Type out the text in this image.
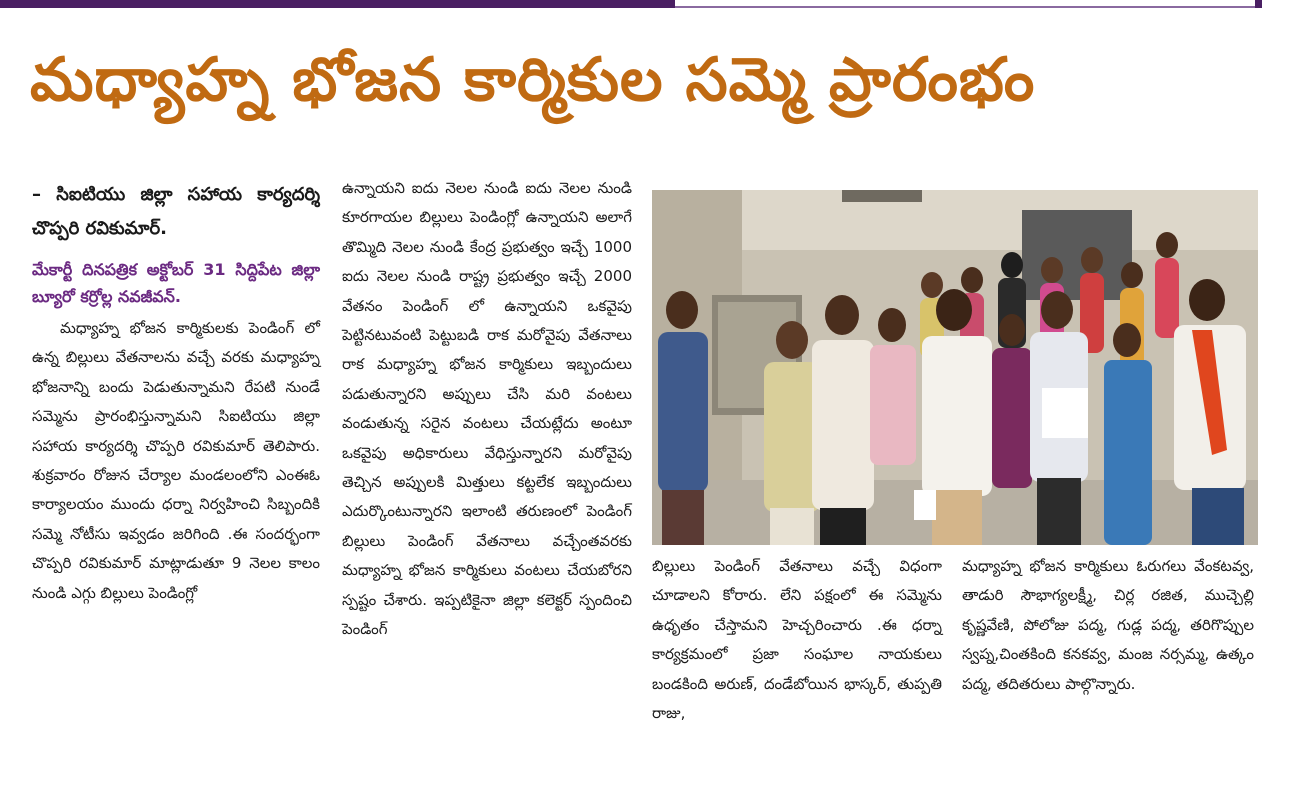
మధ్యాహ్న భోజన కార్మికుల సమ్మె ప్రారంభం

– సిఐటియు జిల్లా సహాయ కార్యదర్శి చొప్పరి రవికుమార్.

మేకార్టీ దినపత్రిక అక్టోబర్ 31 సిద్దిపేట జిల్లా బ్యూరో కర్రోల్ల నవజీవన్.

మధ్యాహ్న భోజన కార్మికులకు పెండింగ్ లో ఉన్న బిల్లులు వేతనాలను వచ్చే వరకు మధ్యాహ్న భోజనాన్ని బందు పెడుతున్నామని రేపటి నుండే సమ్మెను ప్రారంభిస్తున్నామని సిఐటియు జిల్లా సహాయ కార్యదర్శి చొప్పరి రవికుమార్ తెలిపారు. శుక్రవారం రోజున చేర్యాల మండలంలోని ఎంఈఓ కార్యాలయం ముందు ధర్నా నిర్వహించి సిబ్బందికి సమ్మె నోటీసు ఇవ్వడం జరిగింది .ఈ సందర్భంగా చొప్పరి రవికుమార్ మాట్లాడుతూ 9 నెలల కాలం నుండి ఎగ్గు బిల్లులు పెండింగ్లో

ఉన్నాయని ఐదు నెలల నుండి ఐదు నెలల నుండి కూరగాయల బిల్లులు పెండింగ్లో ఉన్నాయని అలాగే తొమ్మిది నెలల నుండి కేంద్ర ప్రభుత్వం ఇచ్చే 1000 ఐదు నెలల నుండి రాష్ట్ర ప్రభుత్వం ఇచ్చే 2000 వేతనం పెండింగ్ లో ఉన్నాయని ఒకవైపు పెట్టినటువంటి పెట్టుబడి రాక మరోవైపు వేతనాలు రాక మధ్యాహ్న భోజన కార్మికులు ఇబ్బందులు పడుతున్నారని అప్పులు చేసి మరి వంటలు వండుతున్న సరైన వంటలు చేయట్లేదు అంటూ ఒకవైపు అధికారులు వేధిస్తున్నారని మరోవైపు తెచ్చిన అప్పులకి మిత్తులు కట్టలేక ఇబ్బందులు ఎదుర్కొంటున్నారని ఇలాంటి తరుణంలో పెండింగ్ బిల్లులు పెండింగ్ వేతనాలు వచ్చేంతవరకు మధ్యాహ్న భోజన కార్మికులు వంటలు చేయబోరని స్పష్టం చేశారు. ఇప్పటికైనా జిల్లా కలెక్టర్ స్పందించి పెండింగ్

బిల్లులు పెండింగ్ వేతనాలు వచ్చే విధంగా చూడాలని కోరారు. లేని పక్షంలో ఈ సమ్మెను ఉధృతం చేస్తామని హెచ్చరించారు .ఈ ధర్నా కార్యక్రమంలో ప్రజా సంఘాల నాయకులు బండకింది అరుణ్, దండేబోయిన భాస్కర్, తుప్పతి రాజు,

మధ్యాహ్న భోజన కార్మికులు ఓరుగలు వేంకటవ్వ, తాడురి సౌభాగ్యలక్ష్మీ, చిర్ల రజిత, ముచ్చెల్లి కృష్ణవేణి, పోలోజు పద్మ, గుడ్ల పద్మ, తరిగొప్పుల స్వప్న,చింతకింది కనకవ్వ, మంజ నర్సమ్మ, ఉత్కం పద్మ, తదితరులు పాల్గొన్నారు.
